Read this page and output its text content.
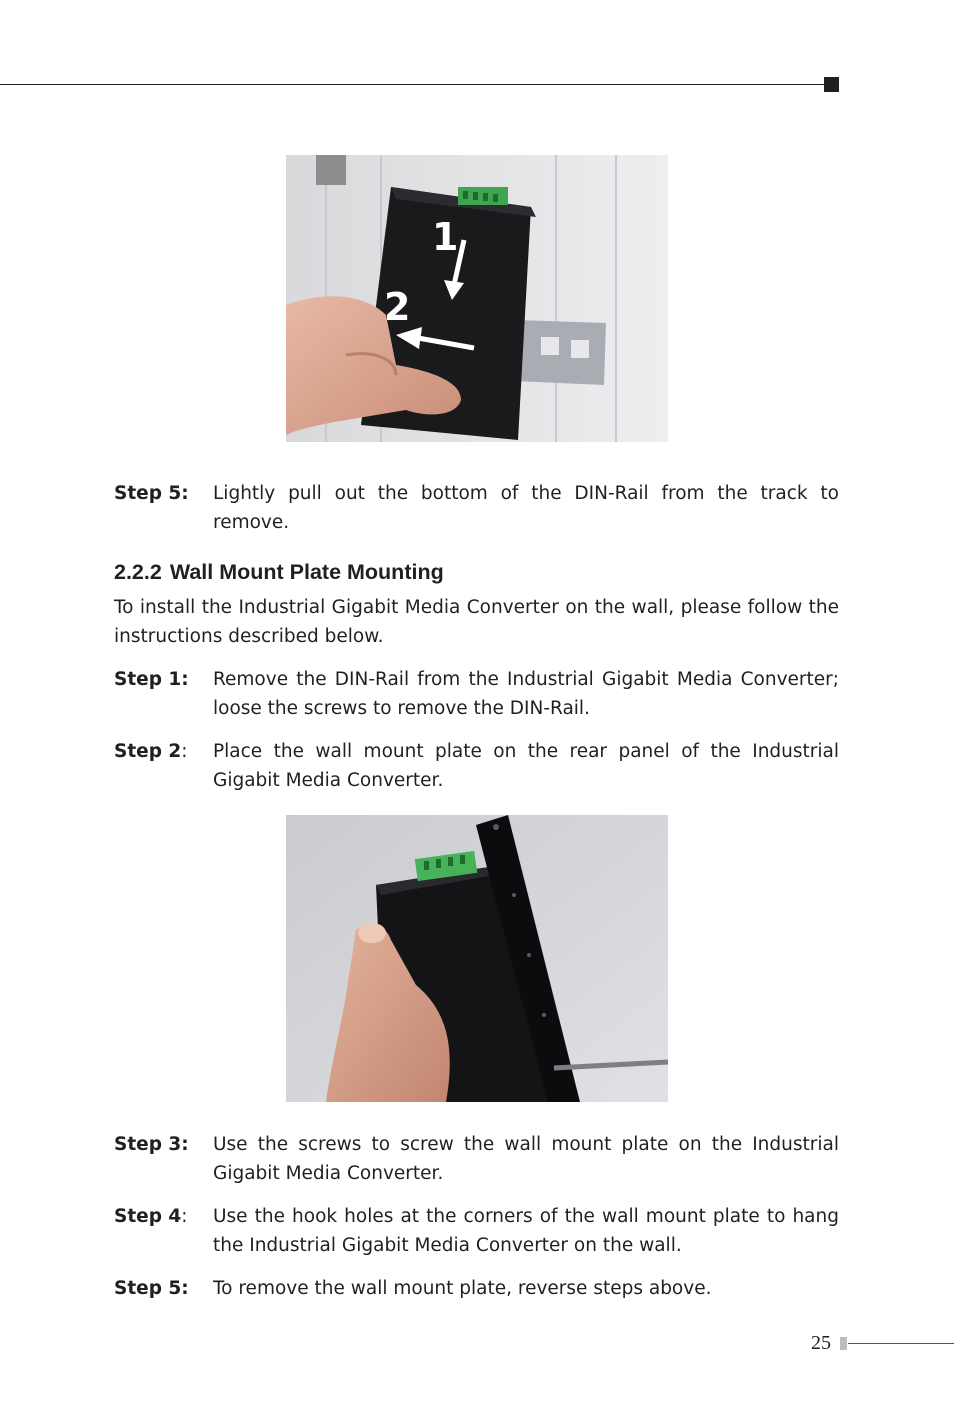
1
2
Step 5: Lightly pull out the bottom of the DIN-Rail from the track to remove.
2.2.2 Wall Mount Plate Mounting
To install the Industrial Gigabit Media Converter on the wall, please follow the instructions described below.
Step 1: Remove the DIN-Rail from the Industrial Gigabit Media Converter; loose the screws to remove the DIN-Rail.
Step 2: Place the wall mount plate on the rear panel of the Industrial Gigabit Media Converter.
Step 3: Use the screws to screw the wall mount plate on the Industrial Gigabit Media Converter.
Step 4: Use the hook holes at the corners of the wall mount plate to hang the Industrial Gigabit Media Converter on the wall.
Step 5: To remove the wall mount plate, reverse steps above.
25
